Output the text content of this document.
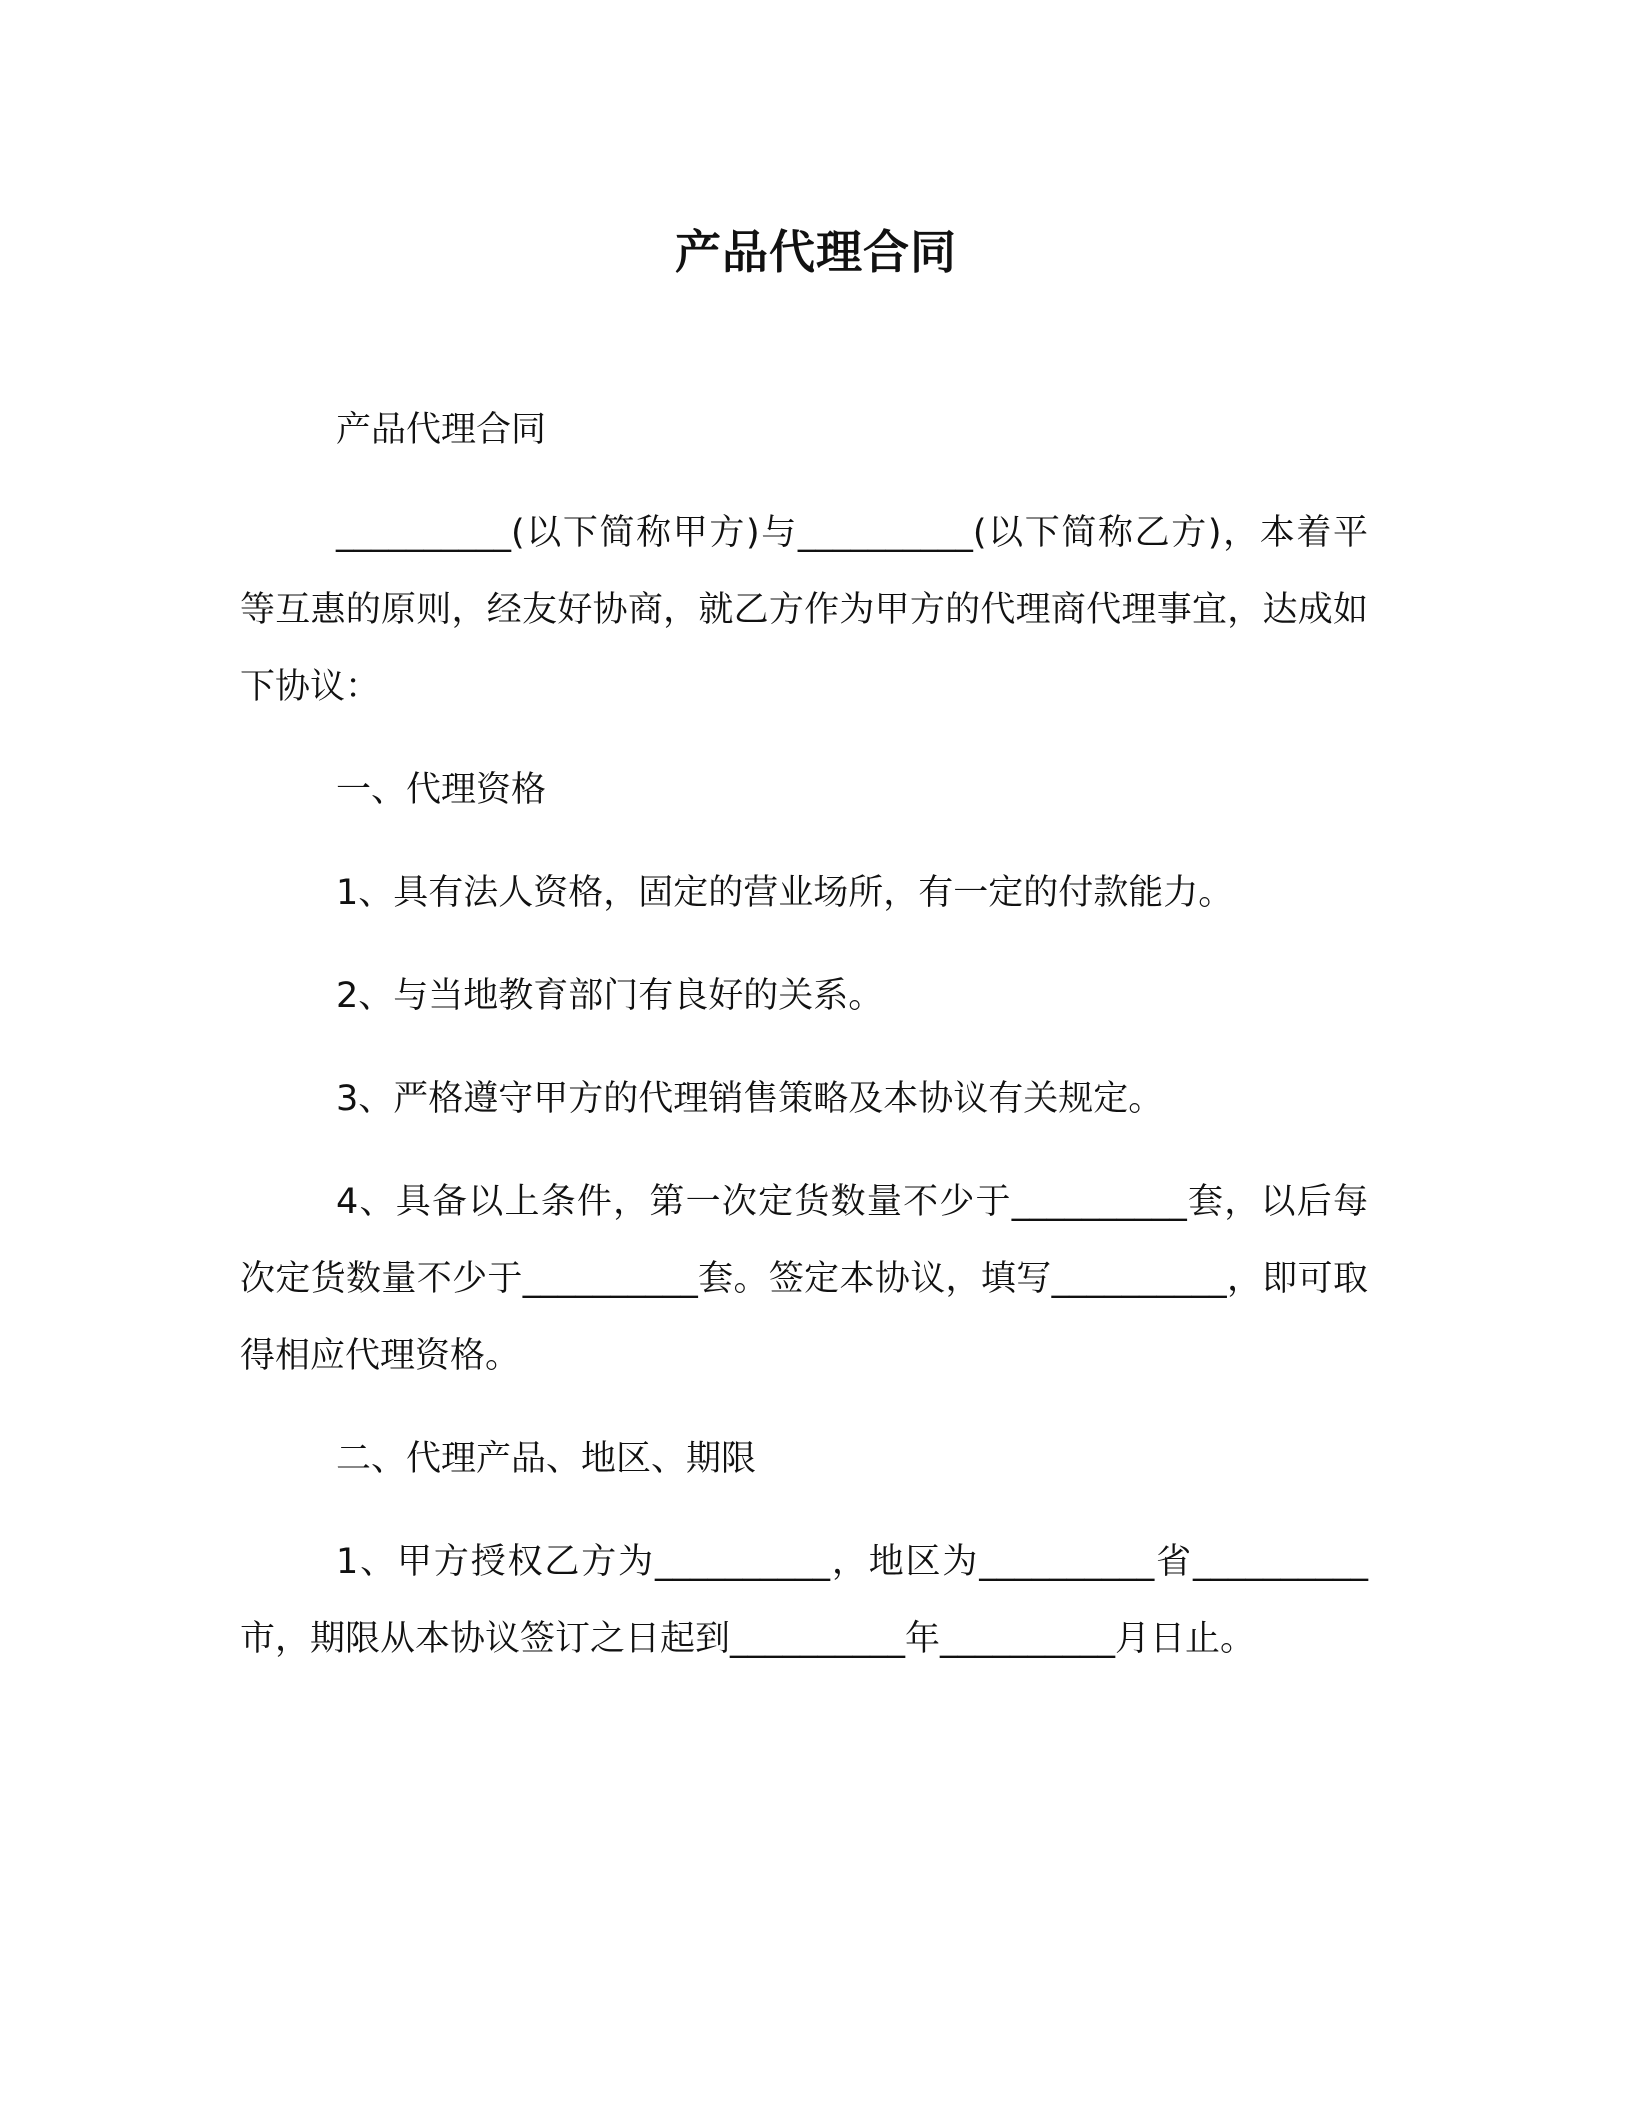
产品代理合同

产品代理合同

__________(以下简称甲方)与__________(以下简称乙方)，本着平等互惠的原则，经友好协商，就乙方作为甲方的代理商代理事宜，达成如下协议：

一、代理资格

1、具有法人资格，固定的营业场所，有一定的付款能力。

2、与当地教育部门有良好的关系。

3、严格遵守甲方的代理销售策略及本协议有关规定。

4、具备以上条件，第一次定货数量不少于__________套，以后每次定货数量不少于__________套。签定本协议，填写__________，即可取得相应代理资格。

二、代理产品、地区、期限

1、甲方授权乙方为__________，地区为__________省__________市，期限从本协议签订之日起到__________年__________月日止。
